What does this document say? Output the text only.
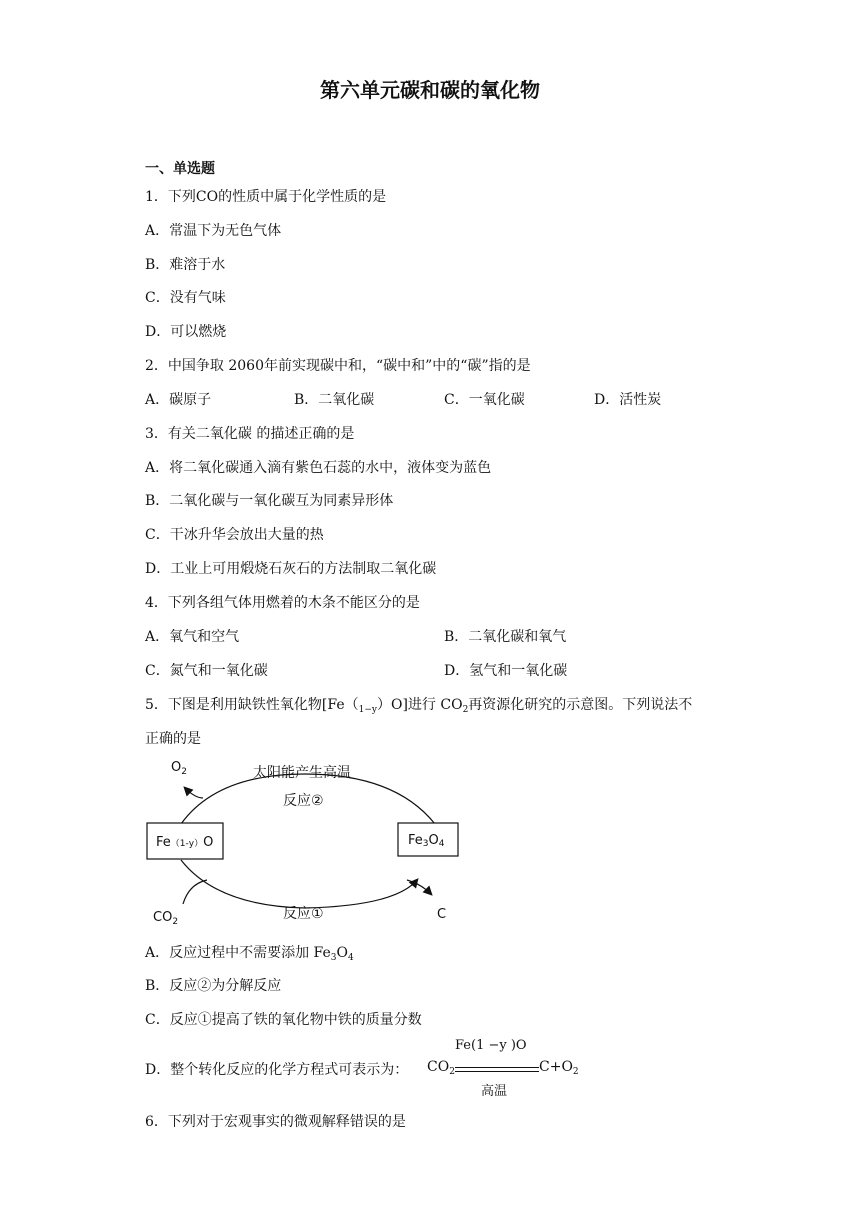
第六单元碳和碳的氧化物
一、单选题
1．下列CO的性质中属于化学性质的是
A．常温下为无色气体
B．难溶于水
C．没有气味
D．可以燃烧
2．中国争取 2060年前实现碳中和，“碳中和”中的“碳”指的是
A．碳原子	B．二氧化碳	C．一氧化碳	D．活性炭
3．有关二氧化碳 的描述正确的是
A．将二氧化碳通入滴有紫色石蕊的水中，液体变为蓝色
B．二氧化碳与一氧化碳互为同素异形体
C．干冰升华会放出大量的热
D．工业上可用煅烧石灰石的方法制取二氧化碳
4．下列各组气体用燃着的木条不能区分的是
A．氧气和空气	B．二氧化碳和氧气
C．氮气和一氧化碳	D．氢气和一氧化碳
5．下图是利用缺铁性氧化物$[Fe(_{1-y})O]$进行 $CO_2$再资源化研究的示意图。下列说法不
正确的是
$O_2$	太阳能产生高温
反应②
Fe（1-y）O	Fe3O4
$CO_2$	反应①	C
A．反应过程中不需要添加 $Fe_3O_4$
B．反应②为分解反应
C．反应①提高了铁的氧化物中铁的质量分数
D．整个转化反应的化学方程式可表示为： $CO_2$
Fe(1 −y )O
高温
$C+O_2$
6．下列对于宏观事实的微观解释错误的是
